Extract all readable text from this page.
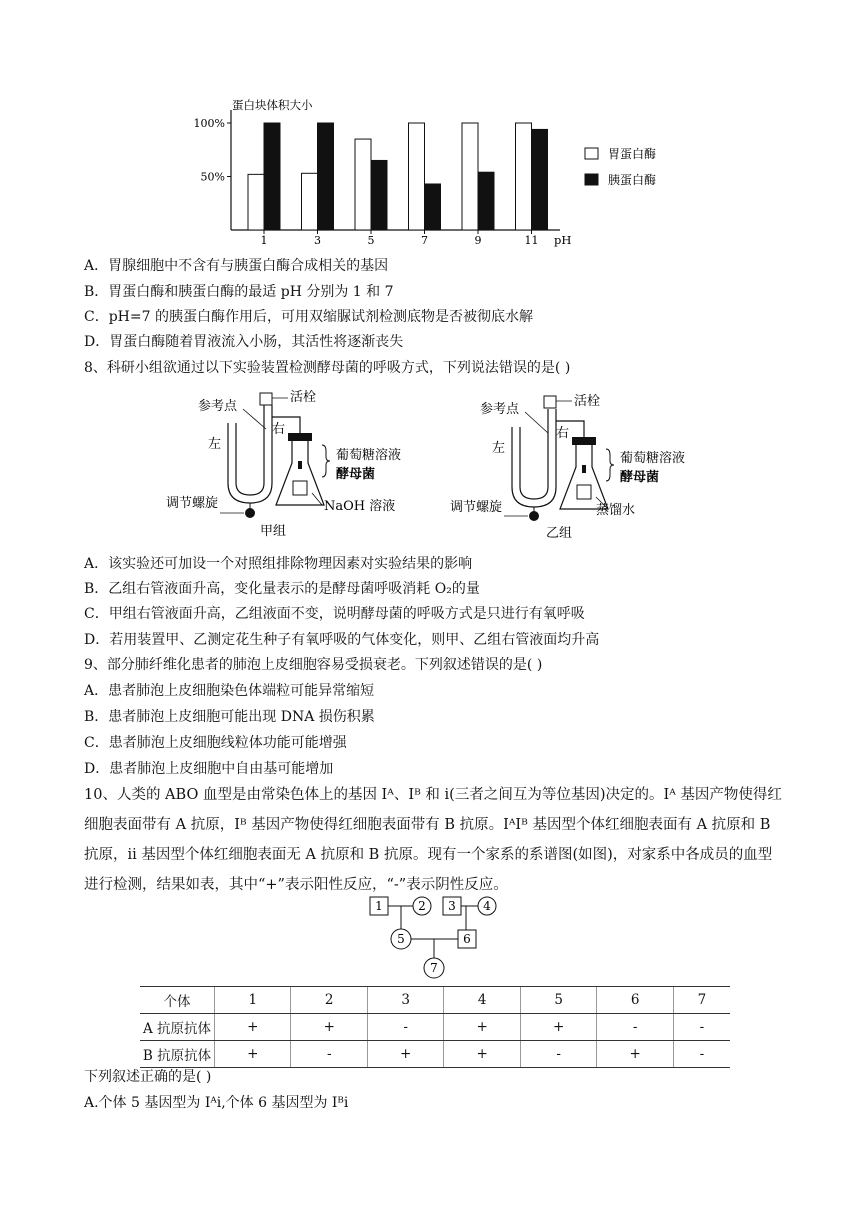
蛋白块体积大小
100%
50%
1	3	5	7	9	11 pH
胃蛋白酶
胰蛋白酶
A．胃腺细胞中不含有与胰蛋白酶合成相关的基因
B．胃蛋白酶和胰蛋白酶的最适 pH 分别为 1 和 7
C．pH=7 的胰蛋白酶作用后，可用双缩脲试剂检测底物是否被彻底水解
D．胃蛋白酶随着胃液流入小肠，其活性将逐渐丧失
8、科研小组欲通过以下实验装置检测酵母菌的呼吸方式，下列说法错误的是( )
参考点
活栓
左
右
葡萄糖溶液
酵母菌
NaOH 溶液
调节螺旋
甲组
参考点
活栓
左
右
葡萄糖溶液
酵母菌
蒸馏水
调节螺旋
乙组
A．该实验还可加设一个对照组排除物理因素对实验结果的影响
B．乙组右管液面升高，变化量表示的是酵母菌呼吸消耗 O₂的量
C．甲组右管液面升高，乙组液面不变，说明酵母菌的呼吸方式是只进行有氧呼吸
D．若用装置甲、乙测定花生种子有氧呼吸的气体变化，则甲、乙组右管液面均升高
9、部分肺纤维化患者的肺泡上皮细胞容易受损衰老。下列叙述错误的是( )
A．患者肺泡上皮细胞染色体端粒可能异常缩短
B．患者肺泡上皮细胞可能出现 DNA 损伤积累
C．患者肺泡上皮细胞线粒体功能可能增强
D．患者肺泡上皮细胞中自由基可能增加
10、人类的 ABO 血型是由常染色体上的基因 Iᴬ、Iᴮ 和 i(三者之间互为等位基因)决定的。Iᴬ 基因产物使得红细胞表面带有 A 抗原，Iᴮ 基因产物使得红细胞表面带有 B 抗原。IᴬIᴮ 基因型个体红细胞表面有 A 抗原和 B 抗原，ii 基因型个体红细胞表面无 A 抗原和 B 抗原。现有一个家系的系谱图(如图)，对家系中各成员的血型进行检测，结果如表，其中“+”表示阳性反应，“-”表示阴性反应。
1	2 3 4
5	6
7
个体	1	2	3	4	5	6	7
A 抗原抗体	+	+	-	+	+	-	-
B 抗原抗体	+	-	+	+	-	+	-
下列叙述正确的是( )
A.个体 5 基因型为 Iᴬi,个体 6 基因型为 Iᴮi
